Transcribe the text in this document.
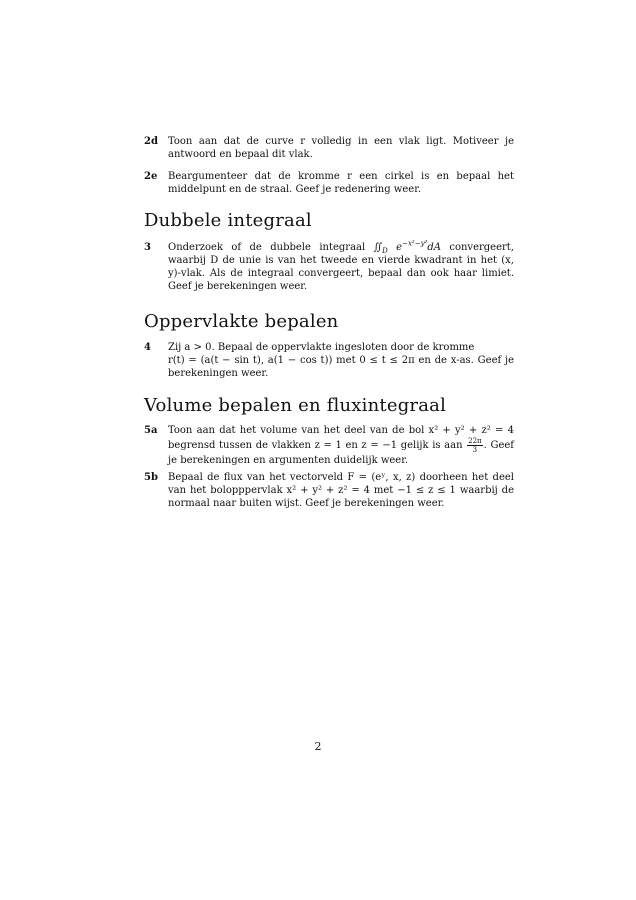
2d Toon aan dat de curve r volledig in een vlak ligt. Motiveer je antwoord en bepaal dit vlak.
2e Beargumenteer dat de kromme r een cirkel is en bepaal het middelpunt en de straal. Geef je redenering weer.
Dubbele integraal
3 Onderzoek of de dubbele integraal $∬_D$ $e^{-x^2-y^2}dA$ convergeert, waarbij D de unie is van het tweede en vierde kwadrant in het (x, y)-vlak. Als de integraal convergeert, bepaal dan ook haar limiet. Geef je berekeningen weer.
Oppervlakte bepalen
4 Zij a > 0. Bepaal de oppervlakte ingesloten door de kromme
r(t) = (a(t − sin t), a(1 − cos t)) met 0 ≤ t ≤ 2π en de x-as. Geef je berekeningen weer.
Volume bepalen en fluxintegraal
5a Toon aan dat het volume van het deel van de bol x² + y² + z² = 4 begrensd tussen de vlakken z = 1 en z = −1 gelijk is aan $\frac{22\pi}{3}$ . Geef je berekeningen en argumenten duidelijk weer.
5b Bepaal de flux van het vectorveld F = (eʸ, x, z) doorheen het deel van het bolopppervlak x² + y² + z² = 4 met −1 ≤ z ≤ 1 waarbij de normaal naar buiten wijst. Geef je berekeningen weer.
2
